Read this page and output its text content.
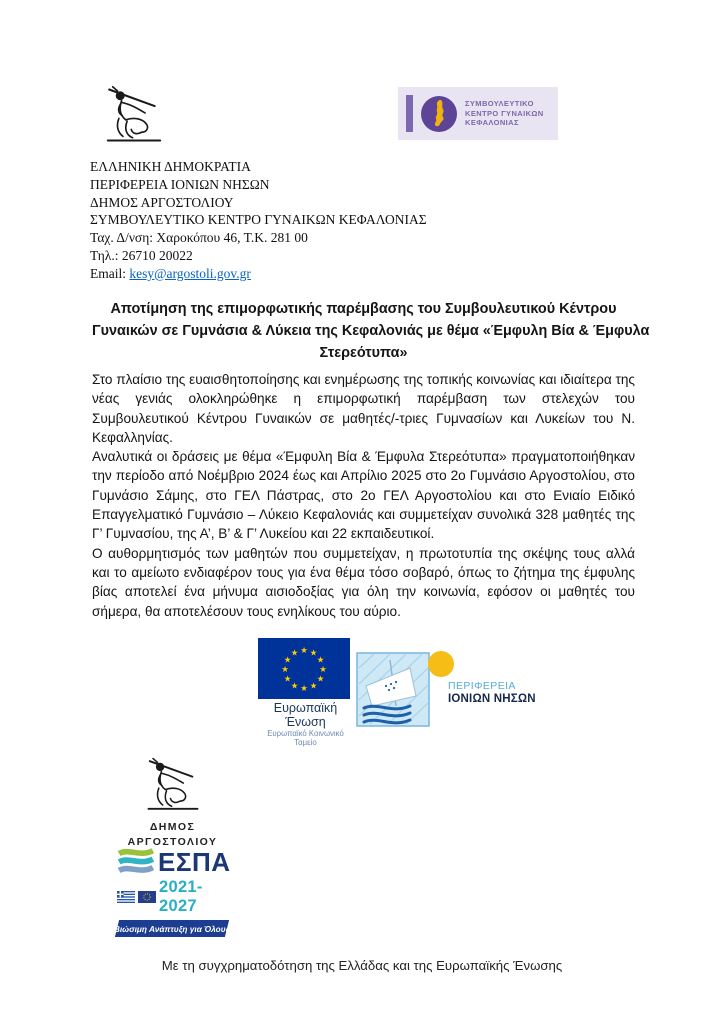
ΣΥΜΒΟΥΛΕΥΤΙΚΟ
ΚΕΝΤΡΟ ΓΥΝΑΙΚΩΝ
ΚΕΦΑΛΟΝΙΑΣ
ΕΛΛΗΝΙΚΗ ΔΗΜΟΚΡΑΤΙΑ
ΠΕΡΙΦΕΡΕΙΑ ΙΟΝΙΩΝ ΝΗΣΩΝ
ΔΗΜΟΣ ΑΡΓΟΣΤΟΛΙΟΥ
ΣΥΜΒΟΥΛΕΥΤΙΚΟ ΚΕΝΤΡΟ ΓΥΝΑΙΚΩΝ ΚΕΦΑΛΟΝΙΑΣ
Ταχ. Δ/νση: Χαροκόπου 46, Τ.Κ. 281 00
Τηλ.: 26710 20022
Email: kesy@argostoli.gov.gr
Αποτίμηση της επιμορφωτικής παρέμβασης του Συμβουλευτικού Κέντρου
Γυναικών σε Γυμνάσια & Λύκεια της Κεφαλονιάς με θέμα «Έμφυλη Βία & Έμφυλα
Στερεότυπα»

Στο πλαίσιο της ευαισθητοποίησης και ενημέρωσης της τοπικής κοινωνίας και ιδιαίτερα της νέας γενιάς ολοκληρώθηκε η επιμορφωτική παρέμβαση των στελεχών του Συμβουλευτικού Κέντρου Γυναικών σε μαθητές/-τριες Γυμνασίων και Λυκείων του Ν. Κεφαλληνίας.

Αναλυτικά οι δράσεις με θέμα «Έμφυλη Βία & Έμφυλα Στερεότυπα» πραγματοποιήθηκαν την περίοδο από Νοέμβριο 2024 έως και Απρίλιο 2025 στο 2ο Γυμνάσιο Αργοστολίου, στο Γυμνάσιο Σάμης, στο ΓΕΛ Πάστρας, στο 2ο ΓΕΛ Αργοστολίου και στο Ενιαίο Ειδικό Επαγγελματικό Γυμνάσιο – Λύκειο Κεφαλονιάς και συμμετείχαν συνολικά 328 μαθητές της Γ’ Γυμνασίου, της Α’, Β’ & Γ’ Λυκείου και 22 εκπαιδευτικοί.

Ο αυθορμητισμός των μαθητών που συμμετείχαν, η πρωτοτυπία της σκέψης τους αλλά και το αμείωτο ενδιαφέρον τους για ένα θέμα τόσο σοβαρό, όπως το ζήτημα της έμφυλης βίας αποτελεί ένα μήνυμα αισιοδοξίας για όλη την κοινωνία, εφόσον οι μαθητές του σήμερα, θα αποτελέσουν τους ενηλίκους του αύριο.

★ ★
★
★
★
★
★
★
★
★
★
★
Ευρωπαϊκή Ένωση
Ευρωπαϊκό Κοινωνικό Ταμείο
ΠΕΡΙΦΕΡΕΙΑ
ΙΟΝΙΩΝ ΝΗΣΩΝ
ΔΗΜΟΣ
ΑΡΓΟΣΤΟΛΙΟΥ
ΕΣΠΑ
2021-2027
Βιώσιμη Ανάπτυξη για Όλους
Με τη συγχρηματοδότηση της Ελλάδας και της Ευρωπαϊκής Ένωσης
